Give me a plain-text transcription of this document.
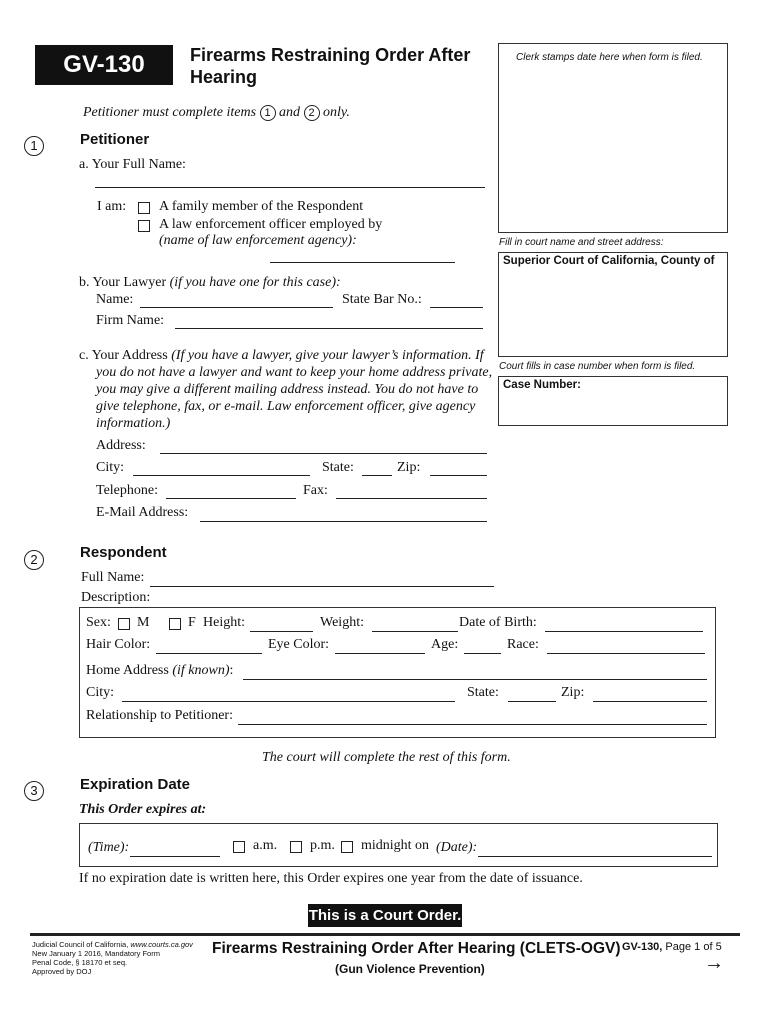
GV-130	Firearms Restraining Order After
Hearing
Clerk stamps date here when form is filed.
Fill in court name and street address:
Superior Court of California, County of
Court fills in case number when form is filed.
Case Number:
Petitioner must complete items 1 and 2 only.
1	Petitioner
a. Your Full Name:
I am: A family member of the Respondent
A law enforcement officer employed by
(name of law enforcement agency):
b. Your Lawyer (if you have one for this case):
Name:	State Bar No.:
Firm Name:
c. Your Address (If you have a lawyer, give your lawyer’s information. If
you do not have a lawyer and want to keep your home address private,
you may give a different mailing address instead. You do not have to
give telephone, fax, or e-mail. Law enforcement officer, give agency
information.)
Address:
City:	State:	Zip:
Telephone:	Fax:
E-Mail Address:
2	Respondent
Full Name:
Description:
Sex: M	F Height:	Weight:	Date of Birth:
Hair Color:	Eye Color:	Age:	Race:
Home Address (if known):
City:	State:	Zip:
Relationship to Petitioner:
The court will complete the rest of this form.
3	Expiration Date
This Order expires at:
(Time):	a.m. p.m. midnight on (Date):
If no expiration date is written here, this Order expires one year from the date of issuance.
This is a Court Order.
Judicial Council of California, www.courts.ca.gov
New January 1 2016, Mandatory Form
Penal Code, § 18170 et seq.
Approved by DOJ
Firearms Restraining Order After Hearing (CLETS-OGV)
(Gun Violence Prevention)
GV-130, Page 1 of 5
→
